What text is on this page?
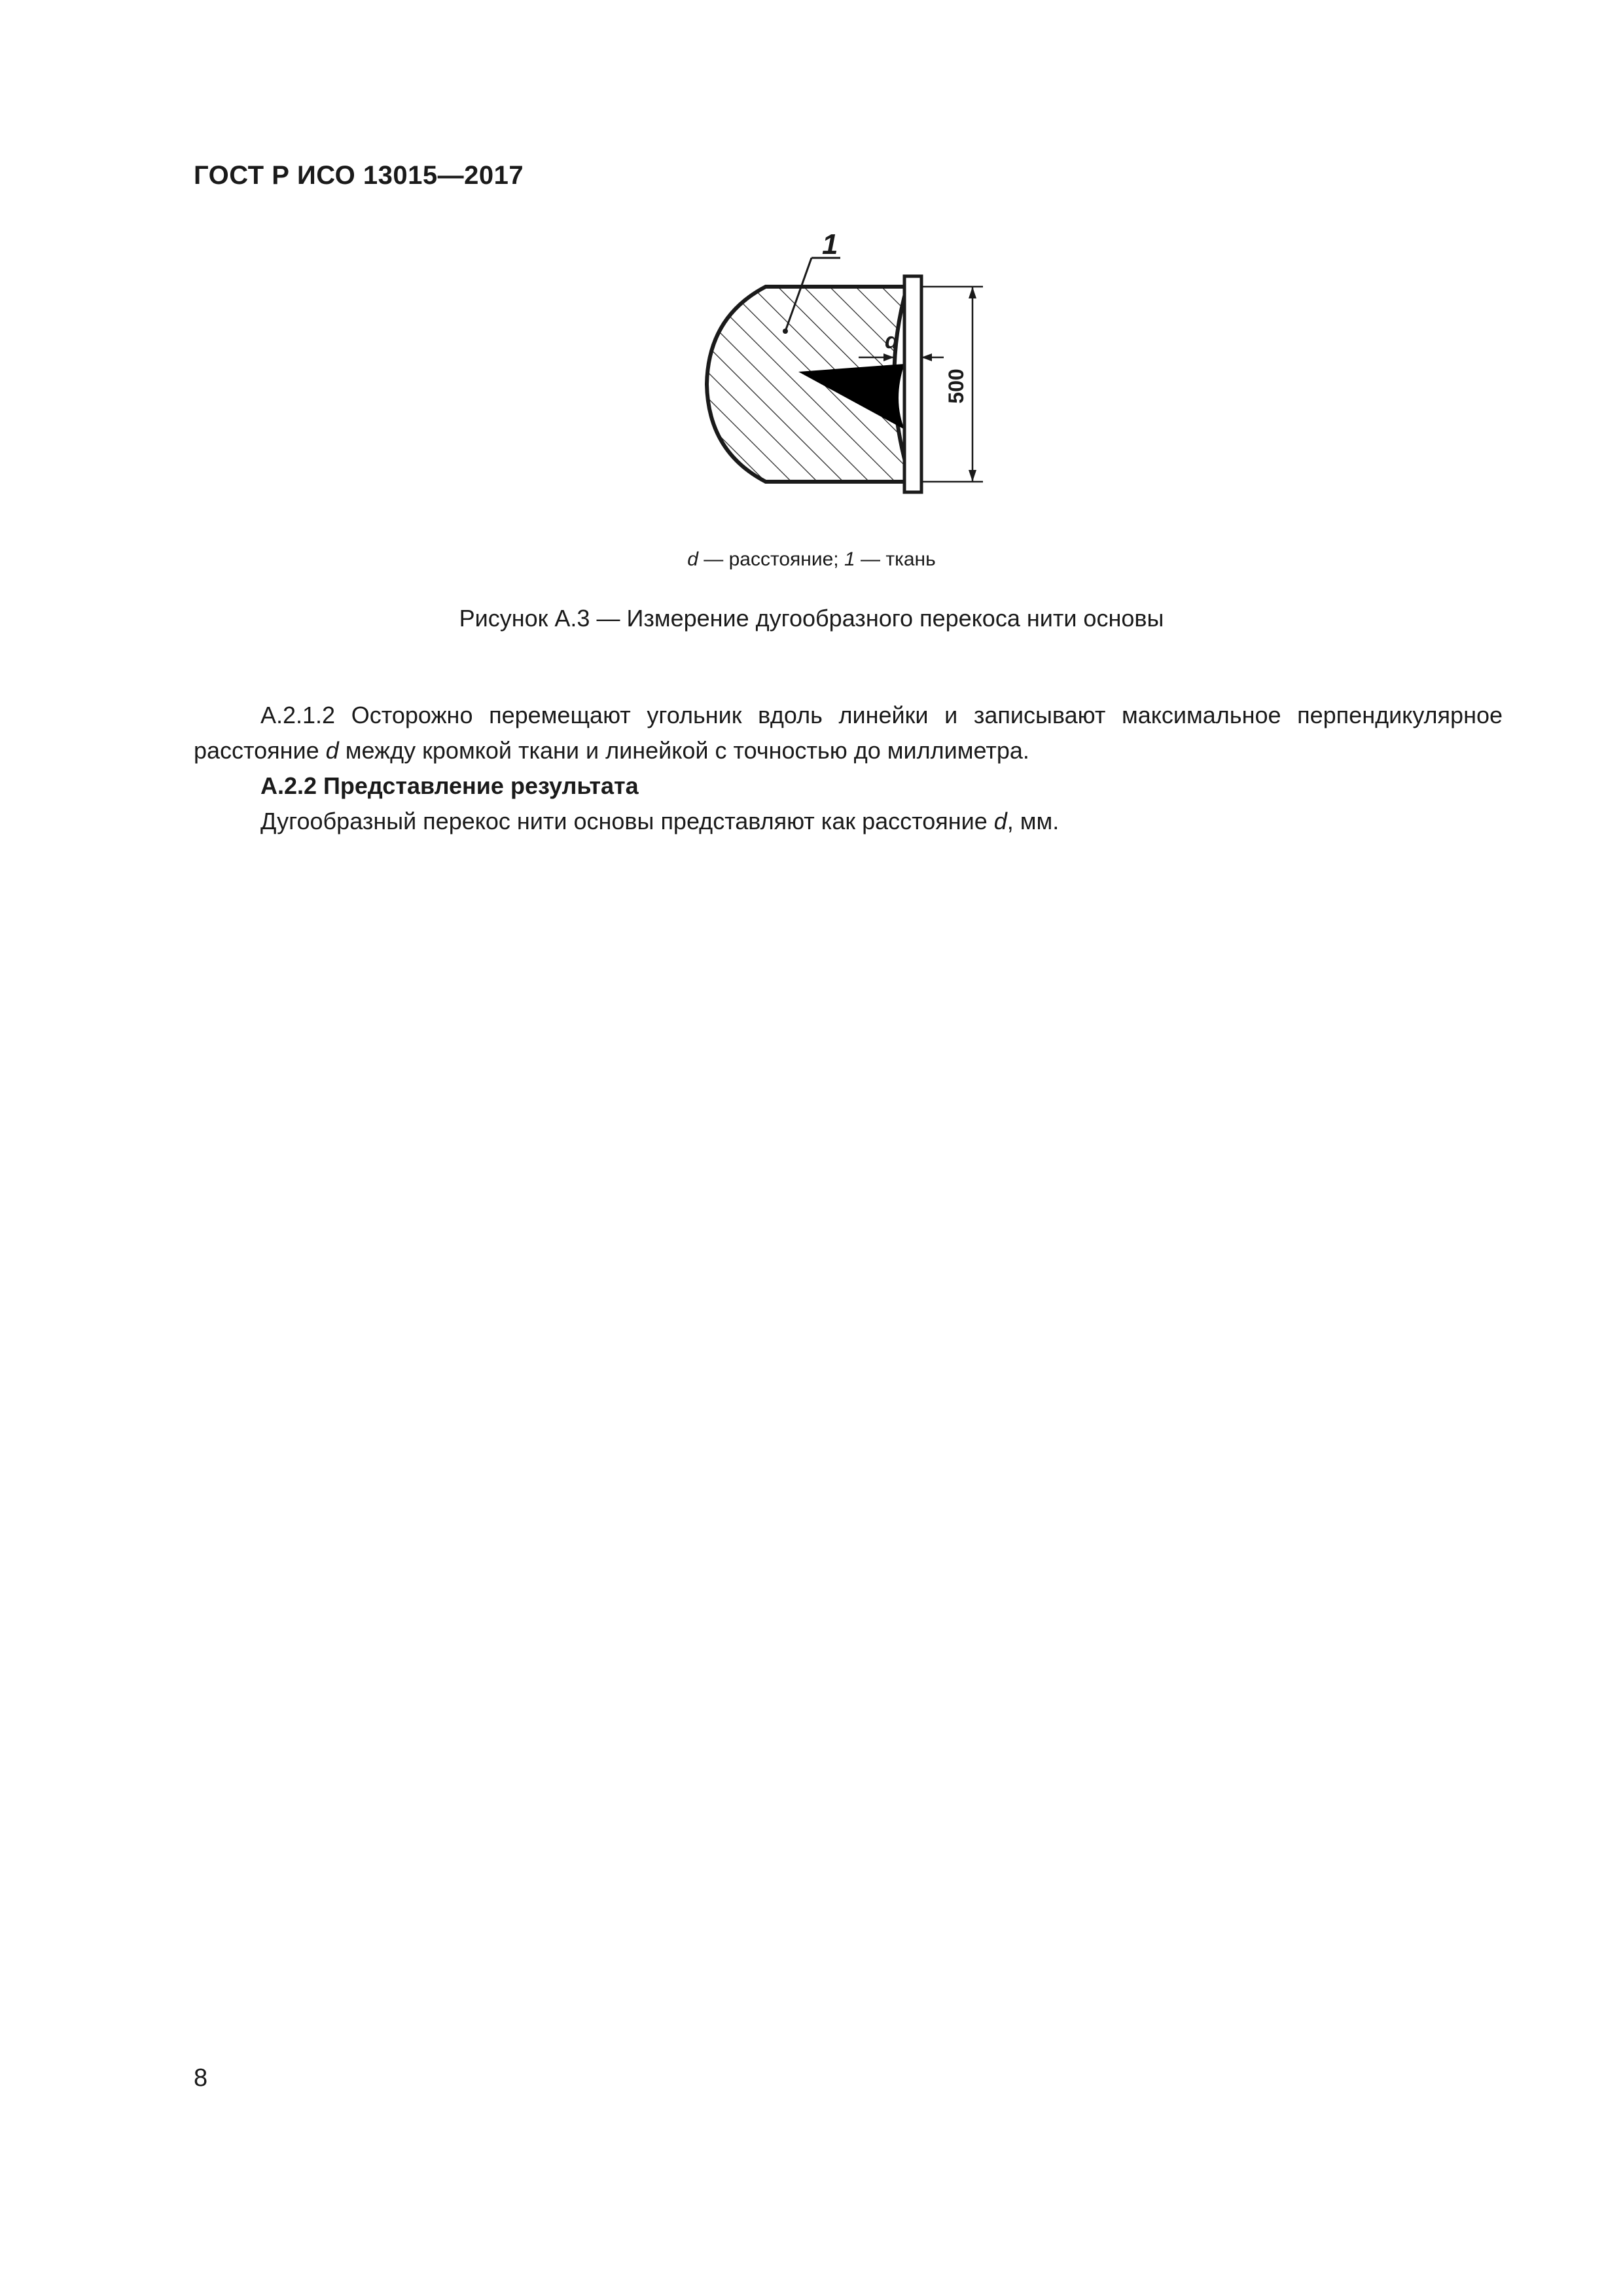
ГОСТ Р ИСО 13015—2017
1
d
500
d — расстояние; 1 — ткань
Рисунок А.3 — Измерение дугообразного перекоса нити основы
А.2.1.2 Осторожно перемещают угольник вдоль линейки и записывают максимальное перпендикулярное расстояние d между кромкой ткани и линейкой с точностью до миллиметра.
А.2.2 Представление результата
Дугообразный перекос нити основы представляют как расстояние d, мм.
8
